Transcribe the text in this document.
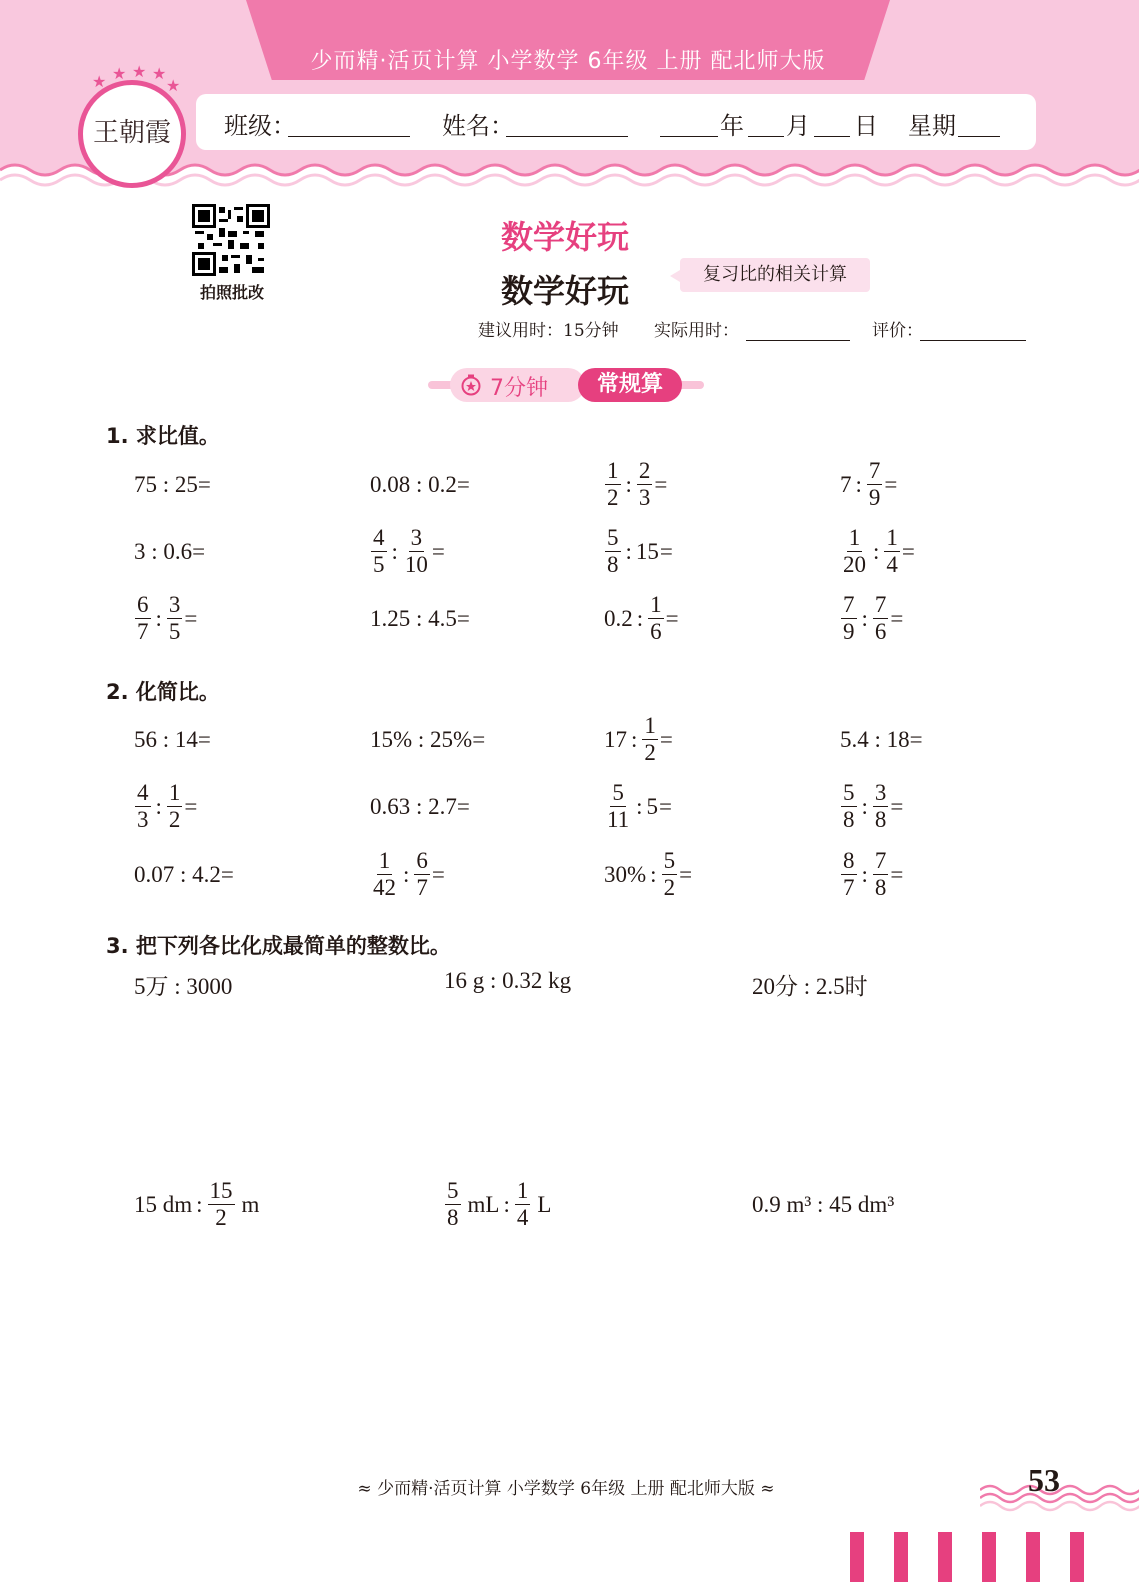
少而精·活页计算 小学数学 6年级 上册 配北师大版
班级：	姓名：	年 月 日 星期
★ ★ ★ ★
★
王朝霞
拍照批改
数学好玩
数学好玩	复习比的相关计算
建议用时：15分钟 实际用时：	评价：
7分钟	常规算
1. 求比值。
75 : 25=	0.08 : 0.2=	$\frac{1}{2}$ : $\frac{2}{3}$ =	7 : $\frac{7}{9}$ =
3 : 0.6=	$\frac{4}{5}$ : $\frac{3}{10}$ =	$\frac{5}{8}$ : 15 =	$\frac{1}{20}$ : $\frac{1}{4}$ =
$\frac{6}{7}$ : $\frac{3}{5}$ =	1.25 : 4.5=	0.2 : $\frac{1}{6}$ =	$\frac{7}{9}$ : $\frac{7}{6}$ =
2. 化简比。
56 : 14=	15% : 25%=	17 : $\frac{1}{2}$ =	5.4 : 18=
$\frac{4}{3}$ : $\frac{1}{2}$ =	0.63 : 2.7=	$\frac{5}{11}$ : 5 =	$\frac{5}{8}$ : $\frac{3}{8}$ =
0.07 : 4.2=	$\frac{1}{42}$ : $\frac{6}{7}$ =	30% : $\frac{5}{2}$ =	$\frac{8}{7}$ : $\frac{7}{8}$ =
3. 把下列各比化成最简单的整数比。
5万 : 3000	16 g : 0.32 kg	20分 : 2.5时
15 dm : $\frac{15}{2}$ m	$\frac{5}{8}$ mL : $\frac{1}{4}$ L	0.9 m³ : 45 dm³
≈ 少而精·活页计算 小学数学 6年级 上册 配北师大版 ≈	53
